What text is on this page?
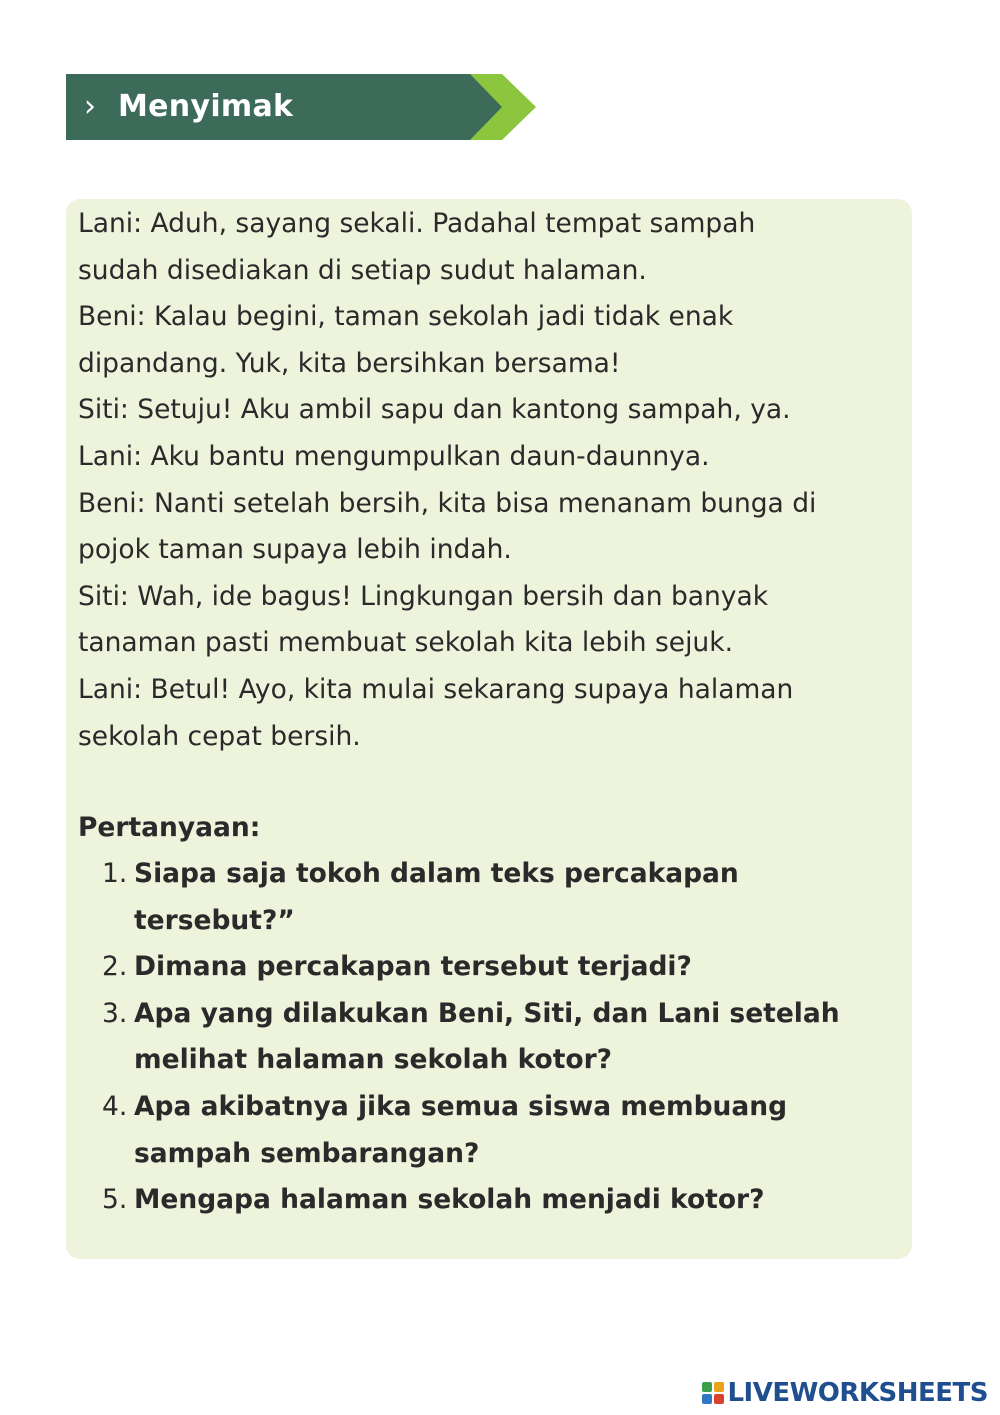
› Menyimak
Lani: Aduh, sayang sekali. Padahal tempat sampah
sudah disediakan di setiap sudut halaman.
Beni: Kalau begini, taman sekolah jadi tidak enak
dipandang. Yuk, kita bersihkan bersama!
Siti: Setuju! Aku ambil sapu dan kantong sampah, ya.
Lani: Aku bantu mengumpulkan daun-daunnya.
Beni: Nanti setelah bersih, kita bisa menanam bunga di
pojok taman supaya lebih indah.
Siti: Wah, ide bagus! Lingkungan bersih dan banyak
tanaman pasti membuat sekolah kita lebih sejuk.
Lani: Betul! Ayo, kita mulai sekarang supaya halaman
sekolah cepat bersih.
Pertanyaan:
1. Siapa saja tokoh dalam teks percakapan
tersebut?”
2. Dimana percakapan tersebut terjadi?
3. Apa yang dilakukan Beni, Siti, dan Lani setelah
melihat halaman sekolah kotor?
4. Apa akibatnya jika semua siswa membuang
sampah sembarangan?
5. Mengapa halaman sekolah menjadi kotor?
LIVEWORKSHEETS
